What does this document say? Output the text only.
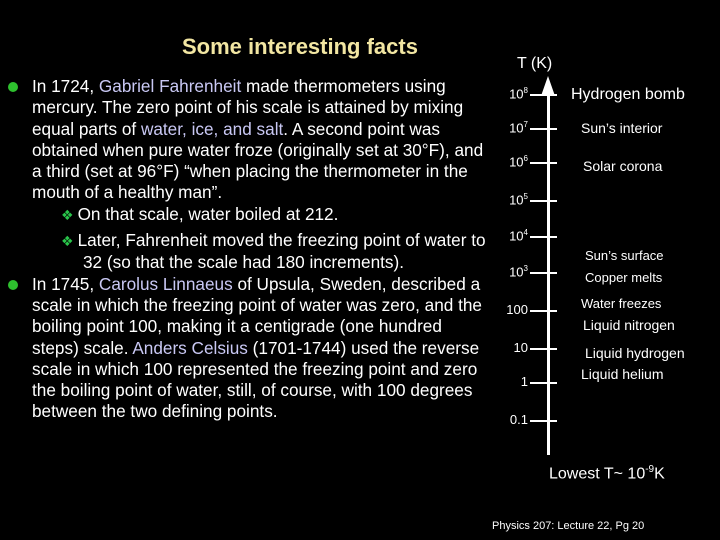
Some interesting facts
In 1724, Gabriel Fahrenheit made thermometers using mercury. The zero point of his scale is attained by mixing equal parts of water, ice, and salt. A second point was obtained when pure water froze (originally set at 30°F), and a third (set at 96°F) “when placing the thermometer in the mouth of a healthy man”.
❖ On that scale, water boiled at 212.
❖ Later, Fahrenheit moved the freezing point of water to 32 (so that the scale had 180 increments).
In 1745, Carolus Linnaeus of Upsula, Sweden, described a scale in which the freezing point of water was zero, and the boiling point 100, making it a centigrade (one hundred steps) scale. Anders Celsius (1701-1744) used the reverse scale in which 100 represented the freezing point and zero the boiling point of water, still, of course, with 100 degrees between the two defining points.
T (K)
$10^8$
$10^7$
$10^6$
$10^5$
$10^4$
$10^3$
100
10
1
0.1
Hydrogen bomb
Sun’s interior
Solar corona
Sun’s surface
Copper melts
Water freezes
Liquid nitrogen
Liquid hydrogen
Liquid helium
Lowest T~ $10^{-9}K$
Physics 207: Lecture 22, Pg 20
